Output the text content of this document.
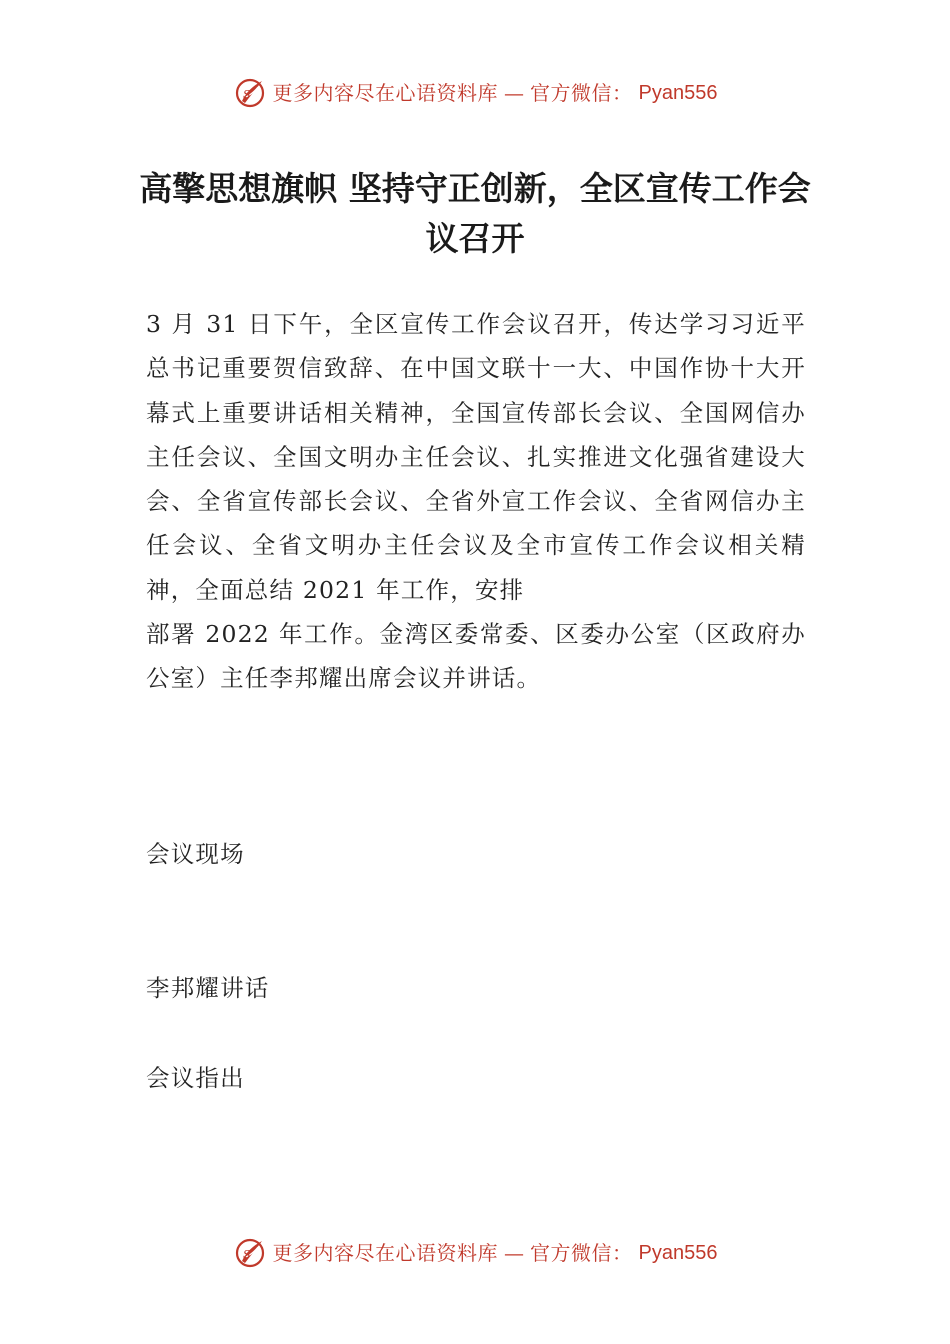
S 更多内容尽在心语资料库 — 官方微信： Pyan556
高擎思想旗帜 坚持守正创新，全区宣传工作会议召开

3 月 31 日下午，全区宣传工作会议召开，传达学习习近平总书记重要贺信致辞、在中国文联十一大、中国作协十大开幕式上重要讲话相关精神，全国宣传部长会议、全国网信办主任会议、全国文明办主任会议、扎实推进文化强省建设大会、全省宣传部长会议、全省外宣工作会议、全省网信办主任会议、全省文明办主任会议及全市宣传工作会议相关精神，全面总结 2021 年工作，安排

部署 2022 年工作。金湾区委常委、区委办公室（区政府办公室）主任李邦耀出席会议并讲话。

会议现场
李邦耀讲话
会议指出
S 更多内容尽在心语资料库 — 官方微信： Pyan556
